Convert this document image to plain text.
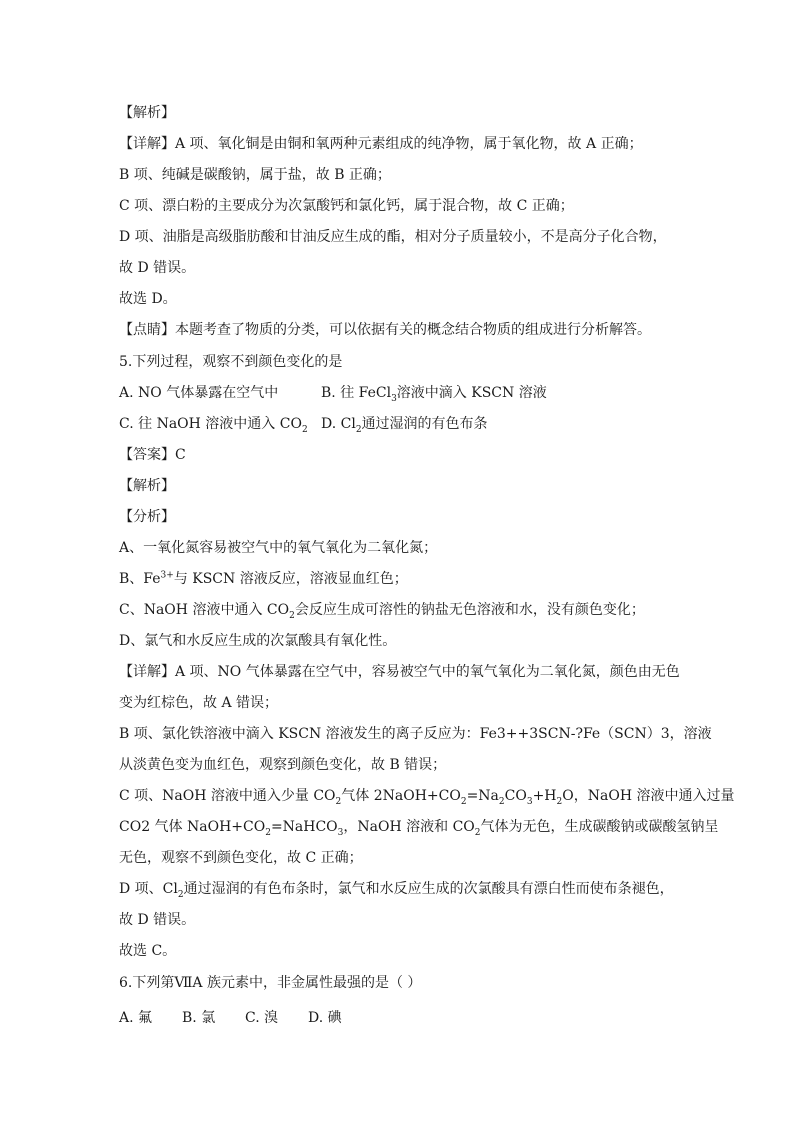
【解析】
【详解】A 项、氧化铜是由铜和氧两种元素组成的纯净物，属于氧化物，故 A 正确；
B 项、纯碱是碳酸钠，属于盐，故 B 正确；
C 项、漂白粉的主要成分为次氯酸钙和氯化钙，属于混合物，故 C 正确；
D 项、油脂是高级脂肪酸和甘油反应生成的酯，相对分子质量较小，不是高分子化合物，
故 D 错误。
故选 D。
【点睛】本题考查了物质的分类，可以依据有关的概念结合物质的组成进行分析解答。
5.下列过程，观察不到颜色变化的是
A. NO 气体暴露在空气中	B. 往 FeCl$_3$溶液中滴入 KSCN 溶液
C. 往 NaOH 溶液中通入 $CO_2$ D. $Cl_2$通过湿润的有色布条
【答案】C
【解析】
【分析】
A、一氧化氮容易被空气中的氧气氧化为二氧化氮；
B、$Fe^{3+}$与 KSCN 溶液反应，溶液显血红色；
C、NaOH 溶液中通入 $CO_2$会反应生成可溶性的钠盐无色溶液和水，没有颜色变化；
D、氯气和水反应生成的次氯酸具有氧化性。
【详解】A 项、NO 气体暴露在空气中，容易被空气中的氧气氧化为二氧化氮，颜色由无色
变为红棕色，故 A 错误；
B 项、氯化铁溶液中滴入 KSCN 溶液发生的离子反应为：Fe3++3SCN-?Fe（SCN）3，溶液
从淡黄色变为血红色，观察到颜色变化，故 B 错误；
C 项、NaOH 溶液中通入少量 $CO_2$气体 $2NaOH+CO_2=Na_2CO_3+H_2O$，NaOH 溶液中通入过量
CO2 气体 $NaOH+CO_2=NaHCO_3$，NaOH 溶液和 $CO_2$气体为无色，生成碳酸钠或碳酸氢钠呈
无色，观察不到颜色变化，故 C 正确；
D 项、$Cl_2$通过湿润的有色布条时，氯气和水反应生成的次氯酸具有漂白性而使布条褪色，
故 D 错误。
故选 C。
6.下列第ⅦA 族元素中，非金属性最强的是（ ）
A. 氟 B. 氯 C. 溴 D. 碘
